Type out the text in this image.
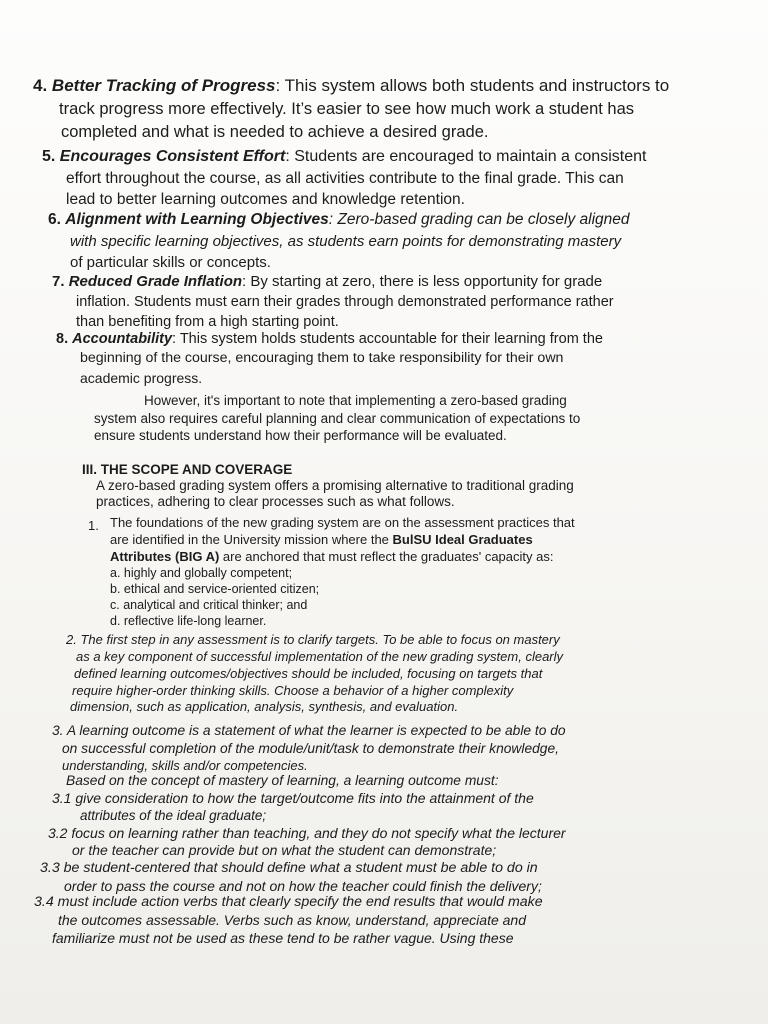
4. Better Tracking of Progress: This system allows both students and instructors to
track progress more effectively. It’s easier to see how much work a student has
completed and what is needed to achieve a desired grade.
5. Encourages Consistent Effort: Students are encouraged to maintain a consistent
effort throughout the course, as all activities contribute to the final grade. This can
lead to better learning outcomes and knowledge retention.
6. Alignment with Learning Objectives: Zero-based grading can be closely aligned
with specific learning objectives, as students earn points for demonstrating mastery
of particular skills or concepts.
7. Reduced Grade Inflation: By starting at zero, there is less opportunity for grade
inflation. Students must earn their grades through demonstrated performance rather
than benefiting from a high starting point.
8. Accountability: This system holds students accountable for their learning from the
beginning of the course, encouraging them to take responsibility for their own
academic progress.
However, it's important to note that implementing a zero-based grading
system also requires careful planning and clear communication of expectations to
ensure students understand how their performance will be evaluated.
III. THE SCOPE AND COVERAGE
A zero-based grading system offers a promising alternative to traditional grading
practices, adhering to clear processes such as what follows.
1. The foundations of the new grading system are on the assessment practices that
are identified in the University mission where the BulSU Ideal Graduates
Attributes (BIG A) are anchored that must reflect the graduates' capacity as:
a. highly and globally competent;
b. ethical and service-oriented citizen;
c. analytical and critical thinker; and
d. reflective life-long learner.
2. The first step in any assessment is to clarify targets. To be able to focus on mastery
as a key component of successful implementation of the new grading system, clearly
defined learning outcomes/objectives should be included, focusing on targets that
require higher-order thinking skills. Choose a behavior of a higher complexity
dimension, such as application, analysis, synthesis, and evaluation.
3. A learning outcome is a statement of what the learner is expected to be able to do
on successful completion of the module/unit/task to demonstrate their knowledge,
understanding, skills and/or competencies.
Based on the concept of mastery of learning, a learning outcome must:
3.1 give consideration to how the target/outcome fits into the attainment of the
attributes of the ideal graduate;
3.2 focus on learning rather than teaching, and they do not specify what the lecturer
or the teacher can provide but on what the student can demonstrate;
3.3 be student-centered that should define what a student must be able to do in
order to pass the course and not on how the teacher could finish the delivery;
3.4 must include action verbs that clearly specify the end results that would make
the outcomes assessable. Verbs such as know, understand, appreciate and
familiarize must not be used as these tend to be rather vague. Using these
